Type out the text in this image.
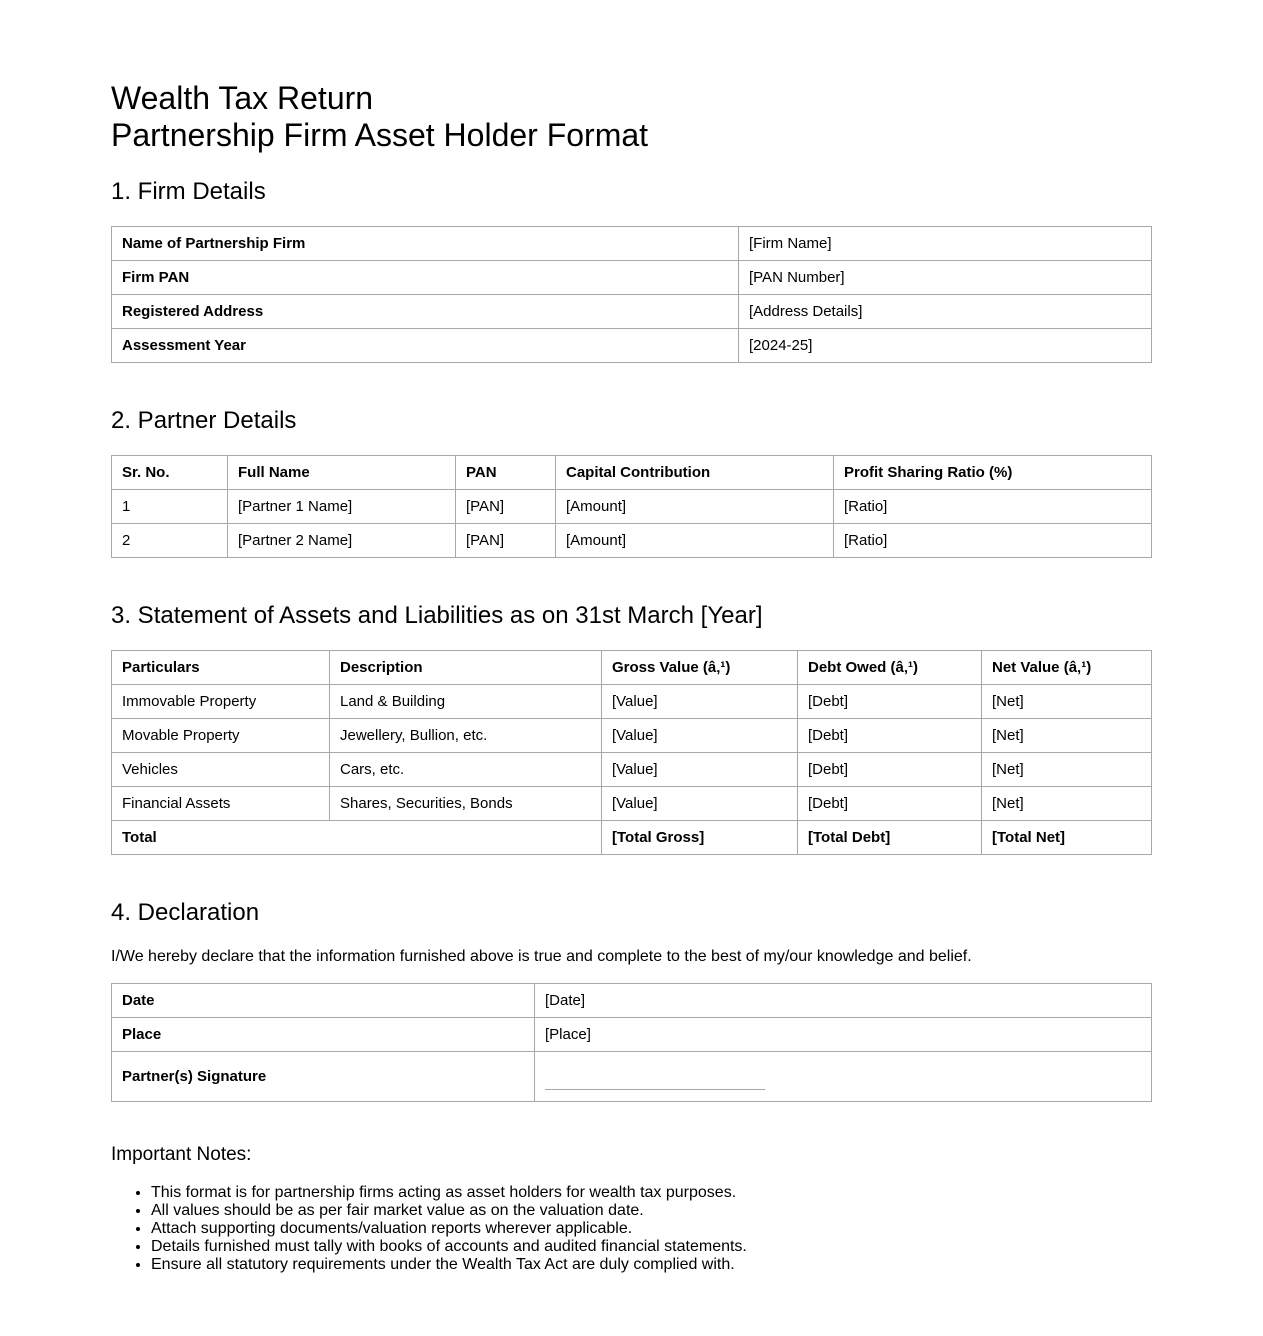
Wealth Tax Return
Partnership Firm Asset Holder Format
1. Firm Details
Name of Partnership Firm	[Firm Name]
Firm PAN	[PAN Number]
Registered Address	[Address Details]
Assessment Year	[2024-25]
2. Partner Details
Sr. No.	Full Name	PAN	Capital Contribution	Profit Sharing Ratio (%)
1	[Partner 1 Name]	[PAN]	[Amount]	[Ratio]
2	[Partner 2 Name]	[PAN]	[Amount]	[Ratio]
3. Statement of Assets and Liabilities as on 31st March [Year]
Particulars	Description	Gross Value (â‚¹)	Debt Owed (â‚¹)	Net Value (â‚¹)
Immovable Property	Land & Building	[Value]	[Debt]	[Net]
Movable Property	Jewellery, Bullion, etc.	[Value]	[Debt]	[Net]
Vehicles	Cars, etc.	[Value]	[Debt]	[Net]
Financial Assets	Shares, Securities, Bonds	[Value]	[Debt]	[Net]
Total		[Total Gross]	[Total Debt]	[Total Net]
4. Declaration

I/We hereby declare that the information furnished above is true and complete to the best of my/our knowledge and belief.

Date	[Date]
Place	[Place]
Partner(s) Signature	

Important Notes:

• This format is for partnership firms acting as asset holders for wealth tax purposes.
• All values should be as per fair market value as on the valuation date.
• Attach supporting documents/valuation reports wherever applicable.
• Details furnished must tally with books of accounts and audited financial statements.
• Ensure all statutory requirements under the Wealth Tax Act are duly complied with.
